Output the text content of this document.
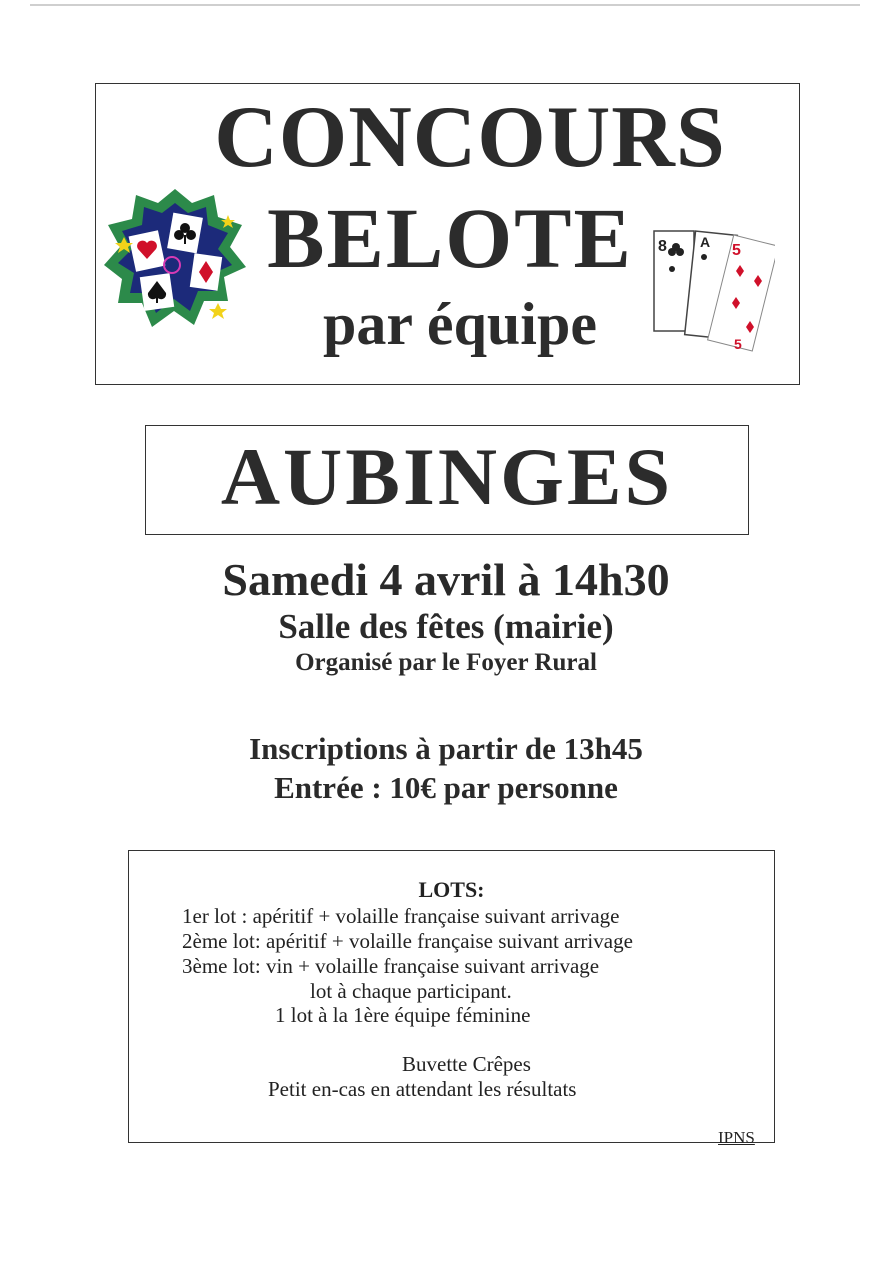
CONCOURS
BELOTE
par équipe
8 A 5
5
AUBINGES
Samedi 4 avril à 14h30
Salle des fêtes (mairie)
Organisé par le Foyer Rural
Inscriptions à partir de 13h45
Entrée : 10€ par personne
LOTS:
1er lot : apéritif + volaille française suivant arrivage
2ème lot: apéritif + volaille française suivant arrivage
3ème lot: vin + volaille française suivant arrivage
lot à chaque participant.
1 lot à la 1ère équipe féminine
Buvette Crêpes
Petit en-cas en attendant les résultats
IPNS
